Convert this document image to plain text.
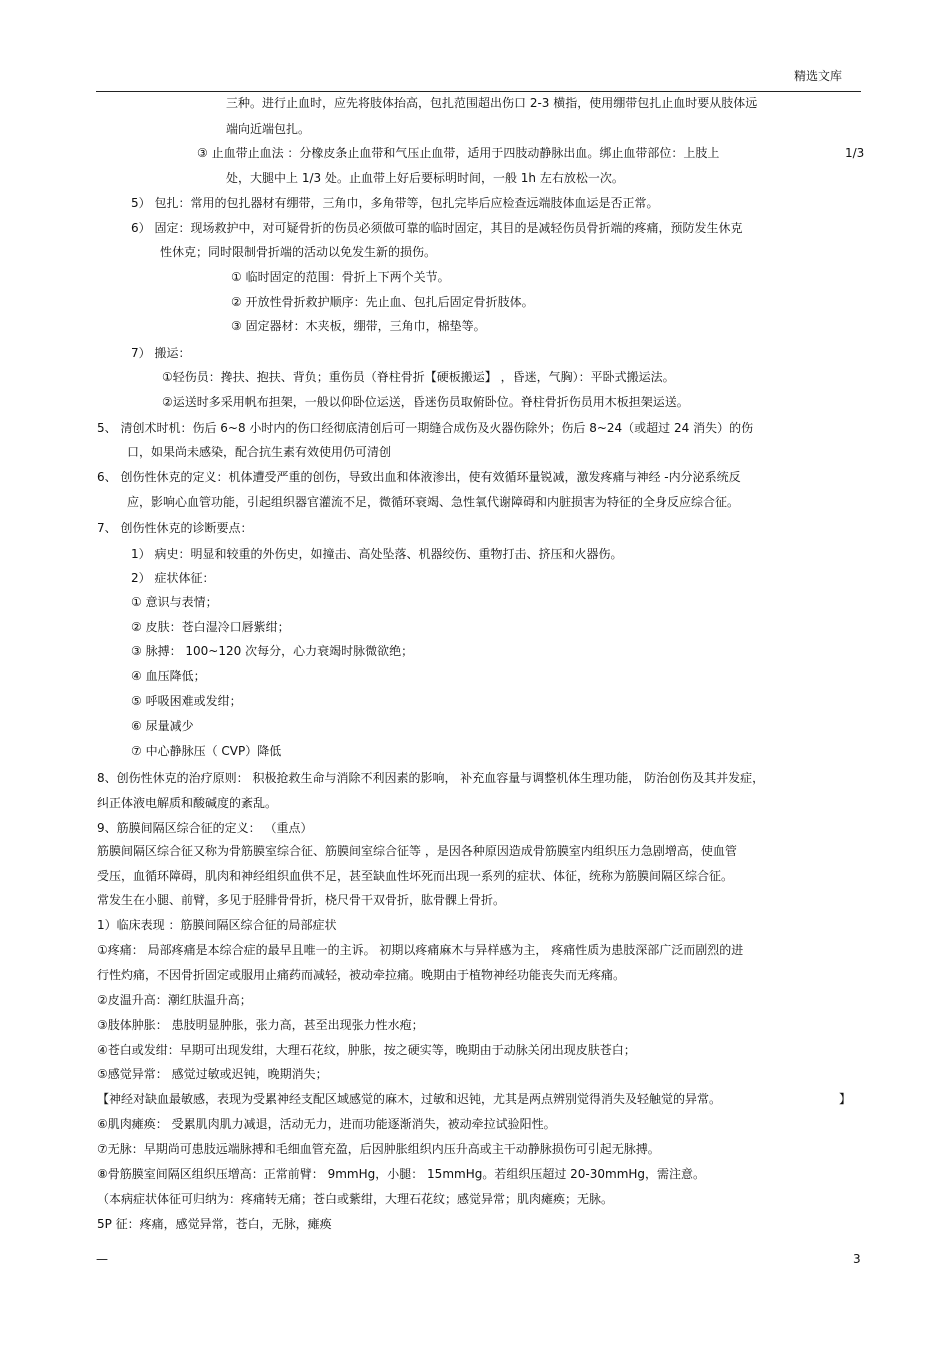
精选文库
三种。进行止血时，应先将肢体抬高，包扎范围超出伤口 2-3 横指，使用绷带包扎止血时要从肢体远
端向近端包扎。
③ 止血带止血法 ：分橡皮条止血带和气压止血带，适用于四肢动静脉出血。绑止血带部位：上肢上	1/3
处，大腿中上 1/3 处。止血带上好后要标明时间，一般 1h 左右放松一次。
5） 包扎：常用的包扎器材有绷带，三角巾，多角带等，包扎完毕后应检查远端肢体血运是否正常。
6） 固定：现场救护中，对可疑骨折的伤员必须做可靠的临时固定，其目的是减轻伤员骨折端的疼痛，预防发生休克
性休克；同时限制骨折端的活动以免发生新的损伤。
① 临时固定的范围：骨折上下两个关节。
② 开放性骨折救护顺序：先止血、包扎后固定骨折肢体。
③ 固定器材：木夹板，绷带，三角巾，棉垫等。
7） 搬运：
①轻伤员：搀扶、抱扶、背负；重伤员（脊柱骨折【硬板搬运】 ，昏迷，气胸）：平卧式搬运法。
②运送时多采用帆布担架，一般以仰卧位运送，昏迷伤员取俯卧位。脊柱骨折伤员用木板担架运送。
5、 清创术时机：伤后 6~8 小时内的伤口经彻底清创后可一期缝合成伤及火器伤除外；伤后 8~24（或超过 24 消失）的伤
口，如果尚未感染，配合抗生素有效使用仍可清创
6、 创伤性休克的定义：机体遭受严重的创伤，导致出血和体液渗出，使有效循环量锐减，激发疼痛与神经 -内分泌系统反
应，影响心血管功能，引起组织器官灌流不足，微循环衰竭、急性氧代谢障碍和内脏损害为特征的全身反应综合征。
7、 创伤性休克的诊断要点：
1） 病史：明显和较重的外伤史，如撞击、高处坠落、机器绞伤、重物打击、挤压和火器伤。
2） 症状体征：
① 意识与表情；
② 皮肤：苍白湿冷口唇紫绀；
③ 脉搏： 100~120 次每分，心力衰竭时脉微欲绝；
④ 血压降低；
⑤ 呼吸困难或发绀；
⑥ 尿量减少
⑦ 中心静脉压（ CVP）降低
8、创伤性休克的治疗原则： 积极抢救生命与消除不利因素的影响， 补充血容量与调整机体生理功能， 防治创伤及其并发症，
纠正体液电解质和酸碱度的紊乱。
9、筋膜间隔区综合征的定义： （重点）
筋膜间隔区综合征又称为骨筋膜室综合征、筋膜间室综合征等 ，是因各种原因造成骨筋膜室内组织压力急剧增高，使血管
受压，血循环障碍，肌肉和神经组织血供不足，甚至缺血性坏死而出现一系列的症状、体征，统称为筋膜间隔区综合征。
常发生在小腿、前臂，多见于胫腓骨骨折，桡尺骨干双骨折，肱骨髁上骨折。
1）临床表现 ：筋膜间隔区综合征的局部症状
①疼痛： 局部疼痛是本综合症的最早且唯一的主诉。 初期以疼痛麻木与异样感为主， 疼痛性质为患肢深部广泛而剧烈的进
行性灼痛，不因骨折固定或服用止痛药而减轻，被动牵拉痛。晚期由于植物神经功能丧失而无疼痛。
②皮温升高：潮红肤温升高；
③肢体肿胀： 患肢明显肿胀，张力高，甚至出现张力性水疱；
④苍白或发绀：早期可出现发绀，大理石花纹，肿胀，按之硬实等，晚期由于动脉关闭出现皮肤苍白；
⑤感觉异常： 感觉过敏或迟钝，晚期消失；
【神经对缺血最敏感，表现为受累神经支配区域感觉的麻木，过敏和迟钝，尤其是两点辨别觉得消失及轻触觉的异常。	】
⑥肌肉瘫痪： 受累肌肉肌力减退，活动无力，进而功能逐渐消失，被动牵拉试验阳性。
⑦无脉：早期尚可患肢远端脉搏和毛细血管充盈，后因肿胀组织内压升高或主干动静脉损伤可引起无脉搏。
⑧骨筋膜室间隔区组织压增高：正常前臂： 9mmHg，小腿： 15mmHg。若组织压超过 20-30mmHg，需注意。
（本病症状体征可归纳为：疼痛转无痛；苍白或紫绀，大理石花纹；感觉异常；肌肉瘫痪；无脉。
5P 征：疼痛，感觉异常，苍白，无脉，瘫痪
—	3
